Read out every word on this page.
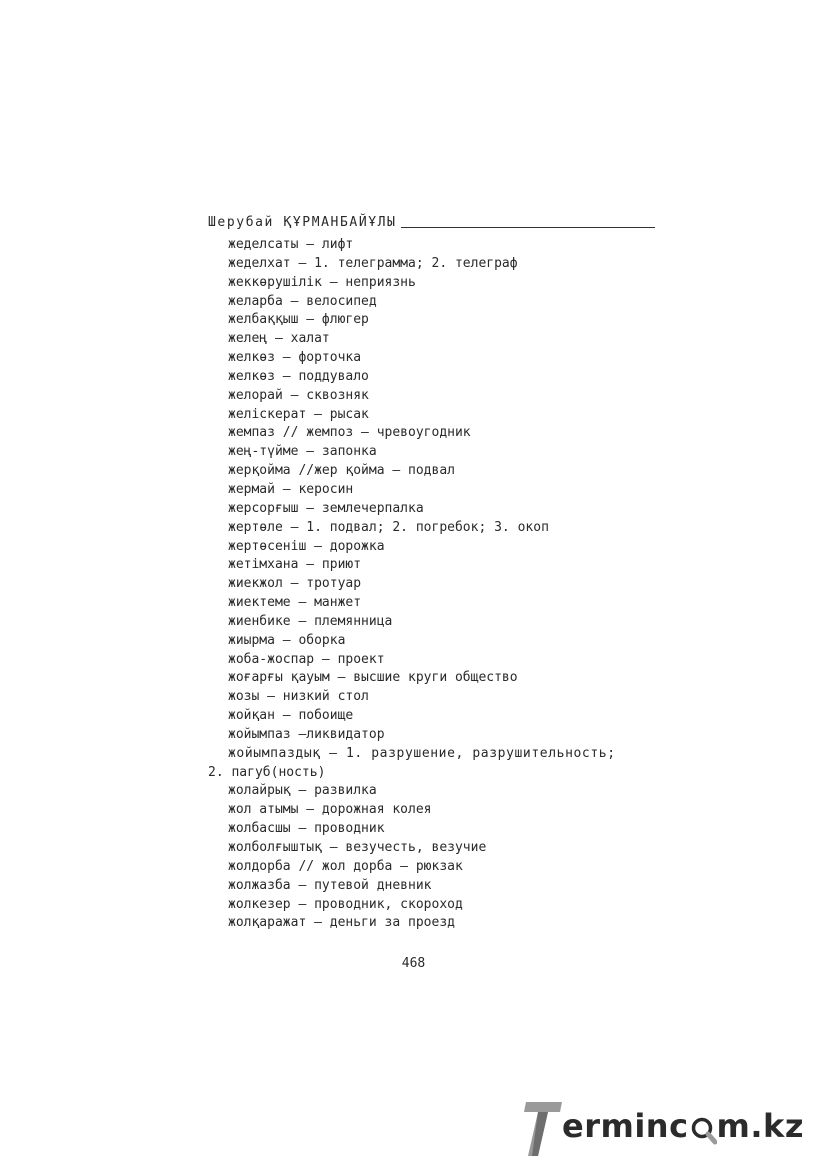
Шерубай ҚҰРМАНБАЙҰЛЫ
жеделсаты – лифт
жеделхат – 1. телеграмма; 2. телеграф
жеккөрушілік – неприязнь
желарба – велосипед
желбаққыш – флюгер
желең – халат
желкөз – форточка
желкөз – поддувало
желорай – сквозняк
желіскерат – рысак
жемпаз // жемпоз – чревоугодник
жең-түйме – запонка
жерқойма //жер қойма – подвал
жермай – керосин
жерсорғыш – землечерпалка
жертөле – 1. подвал; 2. погребок; 3. окоп
жертөсеніш – дорожка
жетімхана – приют
жиекжол – тротуар
жиектеме – манжет
жиенбике – племянница
жиырма – оборка
жоба-жоспар – проект
жоғарғы қауым – высшие круги общество
жозы – низкий стол
жойқан – побоище
жойымпаз –ликвидатор
жойымпаздық – 1. разрушение, разрушительность;
2. пагуб(ность)
жолайрық – развилка
жол атымы – дорожная колея
жолбасшы – проводник
жолболғыштық – везучесть, везучие
жолдорба // жол дорба – рюкзак
жолжазба – путевой дневник
жолкезер – проводник, скороход
жолқаражат – деньги за проезд
468
erminc m.kz
